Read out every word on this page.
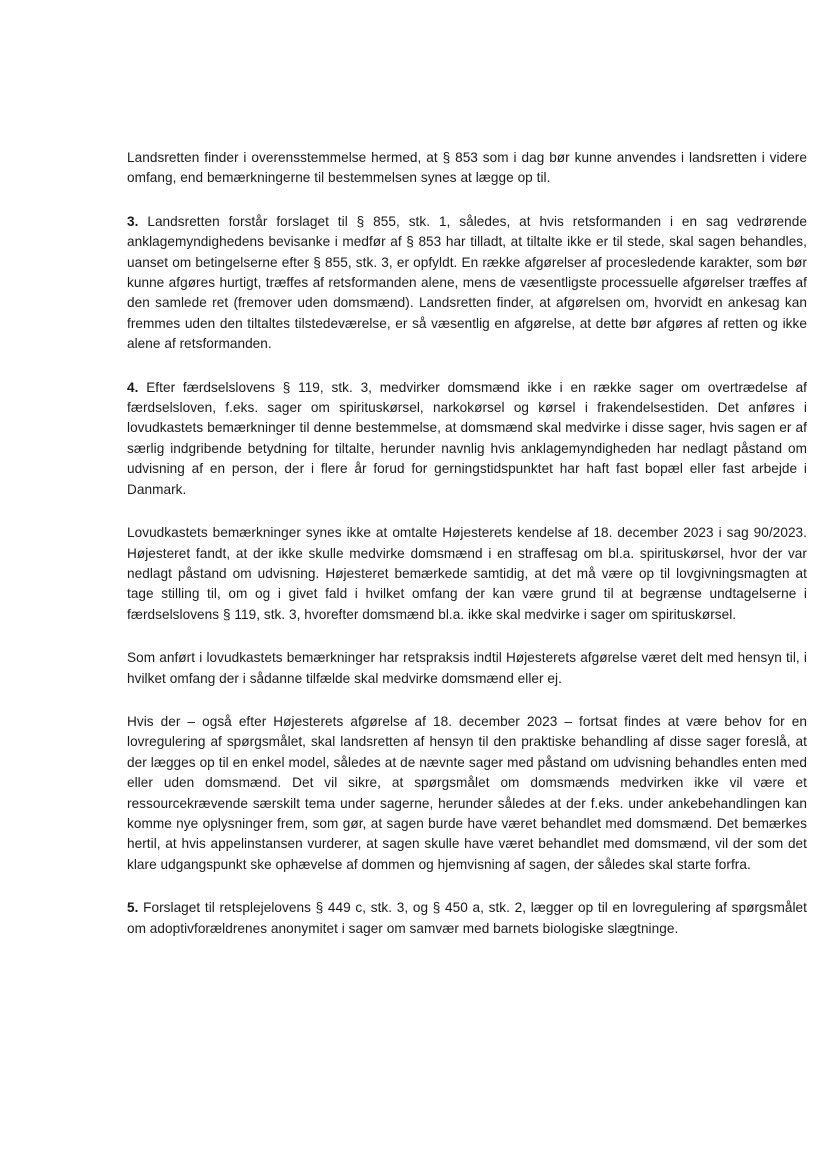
Landsretten finder i overensstemmelse hermed, at § 853 som i dag bør kunne anvendes i landsretten i videre omfang, end bemærkningerne til bestemmelsen synes at lægge op til.

3. Landsretten forstår forslaget til § 855, stk. 1, således, at hvis retsformanden i en sag vedrørende anklagemyndighedens bevisanke i medfør af § 853 har tilladt, at tiltalte ikke er til stede, skal sagen behandles, uanset om betingelserne efter § 855, stk. 3, er opfyldt. En række afgørelser af procesledende karakter, som bør kunne afgøres hurtigt, træffes af retsformanden alene, mens de væsentligste processuelle afgørelser træffes af den samlede ret (fremover uden domsmænd). Landsretten finder, at afgørelsen om, hvorvidt en ankesag kan fremmes uden den tiltaltes tilstedeværelse, er så væsentlig en afgørelse, at dette bør afgøres af retten og ikke alene af retsformanden.

4. Efter færdselslovens § 119, stk. 3, medvirker domsmænd ikke i en række sager om overtrædelse af færdselsloven, f.eks. sager om spirituskørsel, narkokørsel og kørsel i frakendelsestiden. Det anføres i lovudkastets bemærkninger til denne bestemmelse, at domsmænd skal medvirke i disse sager, hvis sagen er af særlig indgribende betydning for tiltalte, herunder navnlig hvis anklagemyndigheden har nedlagt påstand om udvisning af en person, der i flere år forud for gerningstidspunktet har haft fast bopæl eller fast arbejde i Danmark.

Lovudkastets bemærkninger synes ikke at omtalte Højesterets kendelse af 18. december 2023 i sag 90/2023. Højesteret fandt, at der ikke skulle medvirke domsmænd i en straffesag om bl.a. spirituskørsel, hvor der var nedlagt påstand om udvisning. Højesteret bemærkede samtidig, at det må være op til lovgivningsmagten at tage stilling til, om og i givet fald i hvilket omfang der kan være grund til at begrænse undtagelserne i færdselslovens § 119, stk. 3, hvorefter domsmænd bl.a. ikke skal medvirke i sager om spirituskørsel.

Som anført i lovudkastets bemærkninger har retspraksis indtil Højesterets afgørelse været delt med hensyn til, i hvilket omfang der i sådanne tilfælde skal medvirke domsmænd eller ej.

Hvis der – også efter Højesterets afgørelse af 18. december 2023 – fortsat findes at være behov for en lovregulering af spørgsmålet, skal landsretten af hensyn til den praktiske behandling af disse sager foreslå, at der lægges op til en enkel model, således at de nævnte sager med påstand om udvisning behandles enten med eller uden domsmænd. Det vil sikre, at spørgsmålet om domsmænds medvirken ikke vil være et ressourcekrævende særskilt tema under sagerne, herunder således at der f.eks. under ankebehandlingen kan komme nye oplysninger frem, som gør, at sagen burde have været behandlet med domsmænd. Det bemærkes hertil, at hvis appelinstansen vurderer, at sagen skulle have været behandlet med domsmænd, vil der som det klare udgangspunkt ske ophævelse af dommen og hjemvisning af sagen, der således skal starte forfra.

5. Forslaget til retsplejelovens § 449 c, stk. 3, og § 450 a, stk. 2, lægger op til en lovregulering af spørgsmålet om adoptivforældrenes anonymitet i sager om samvær med barnets biologiske slægtninge.
